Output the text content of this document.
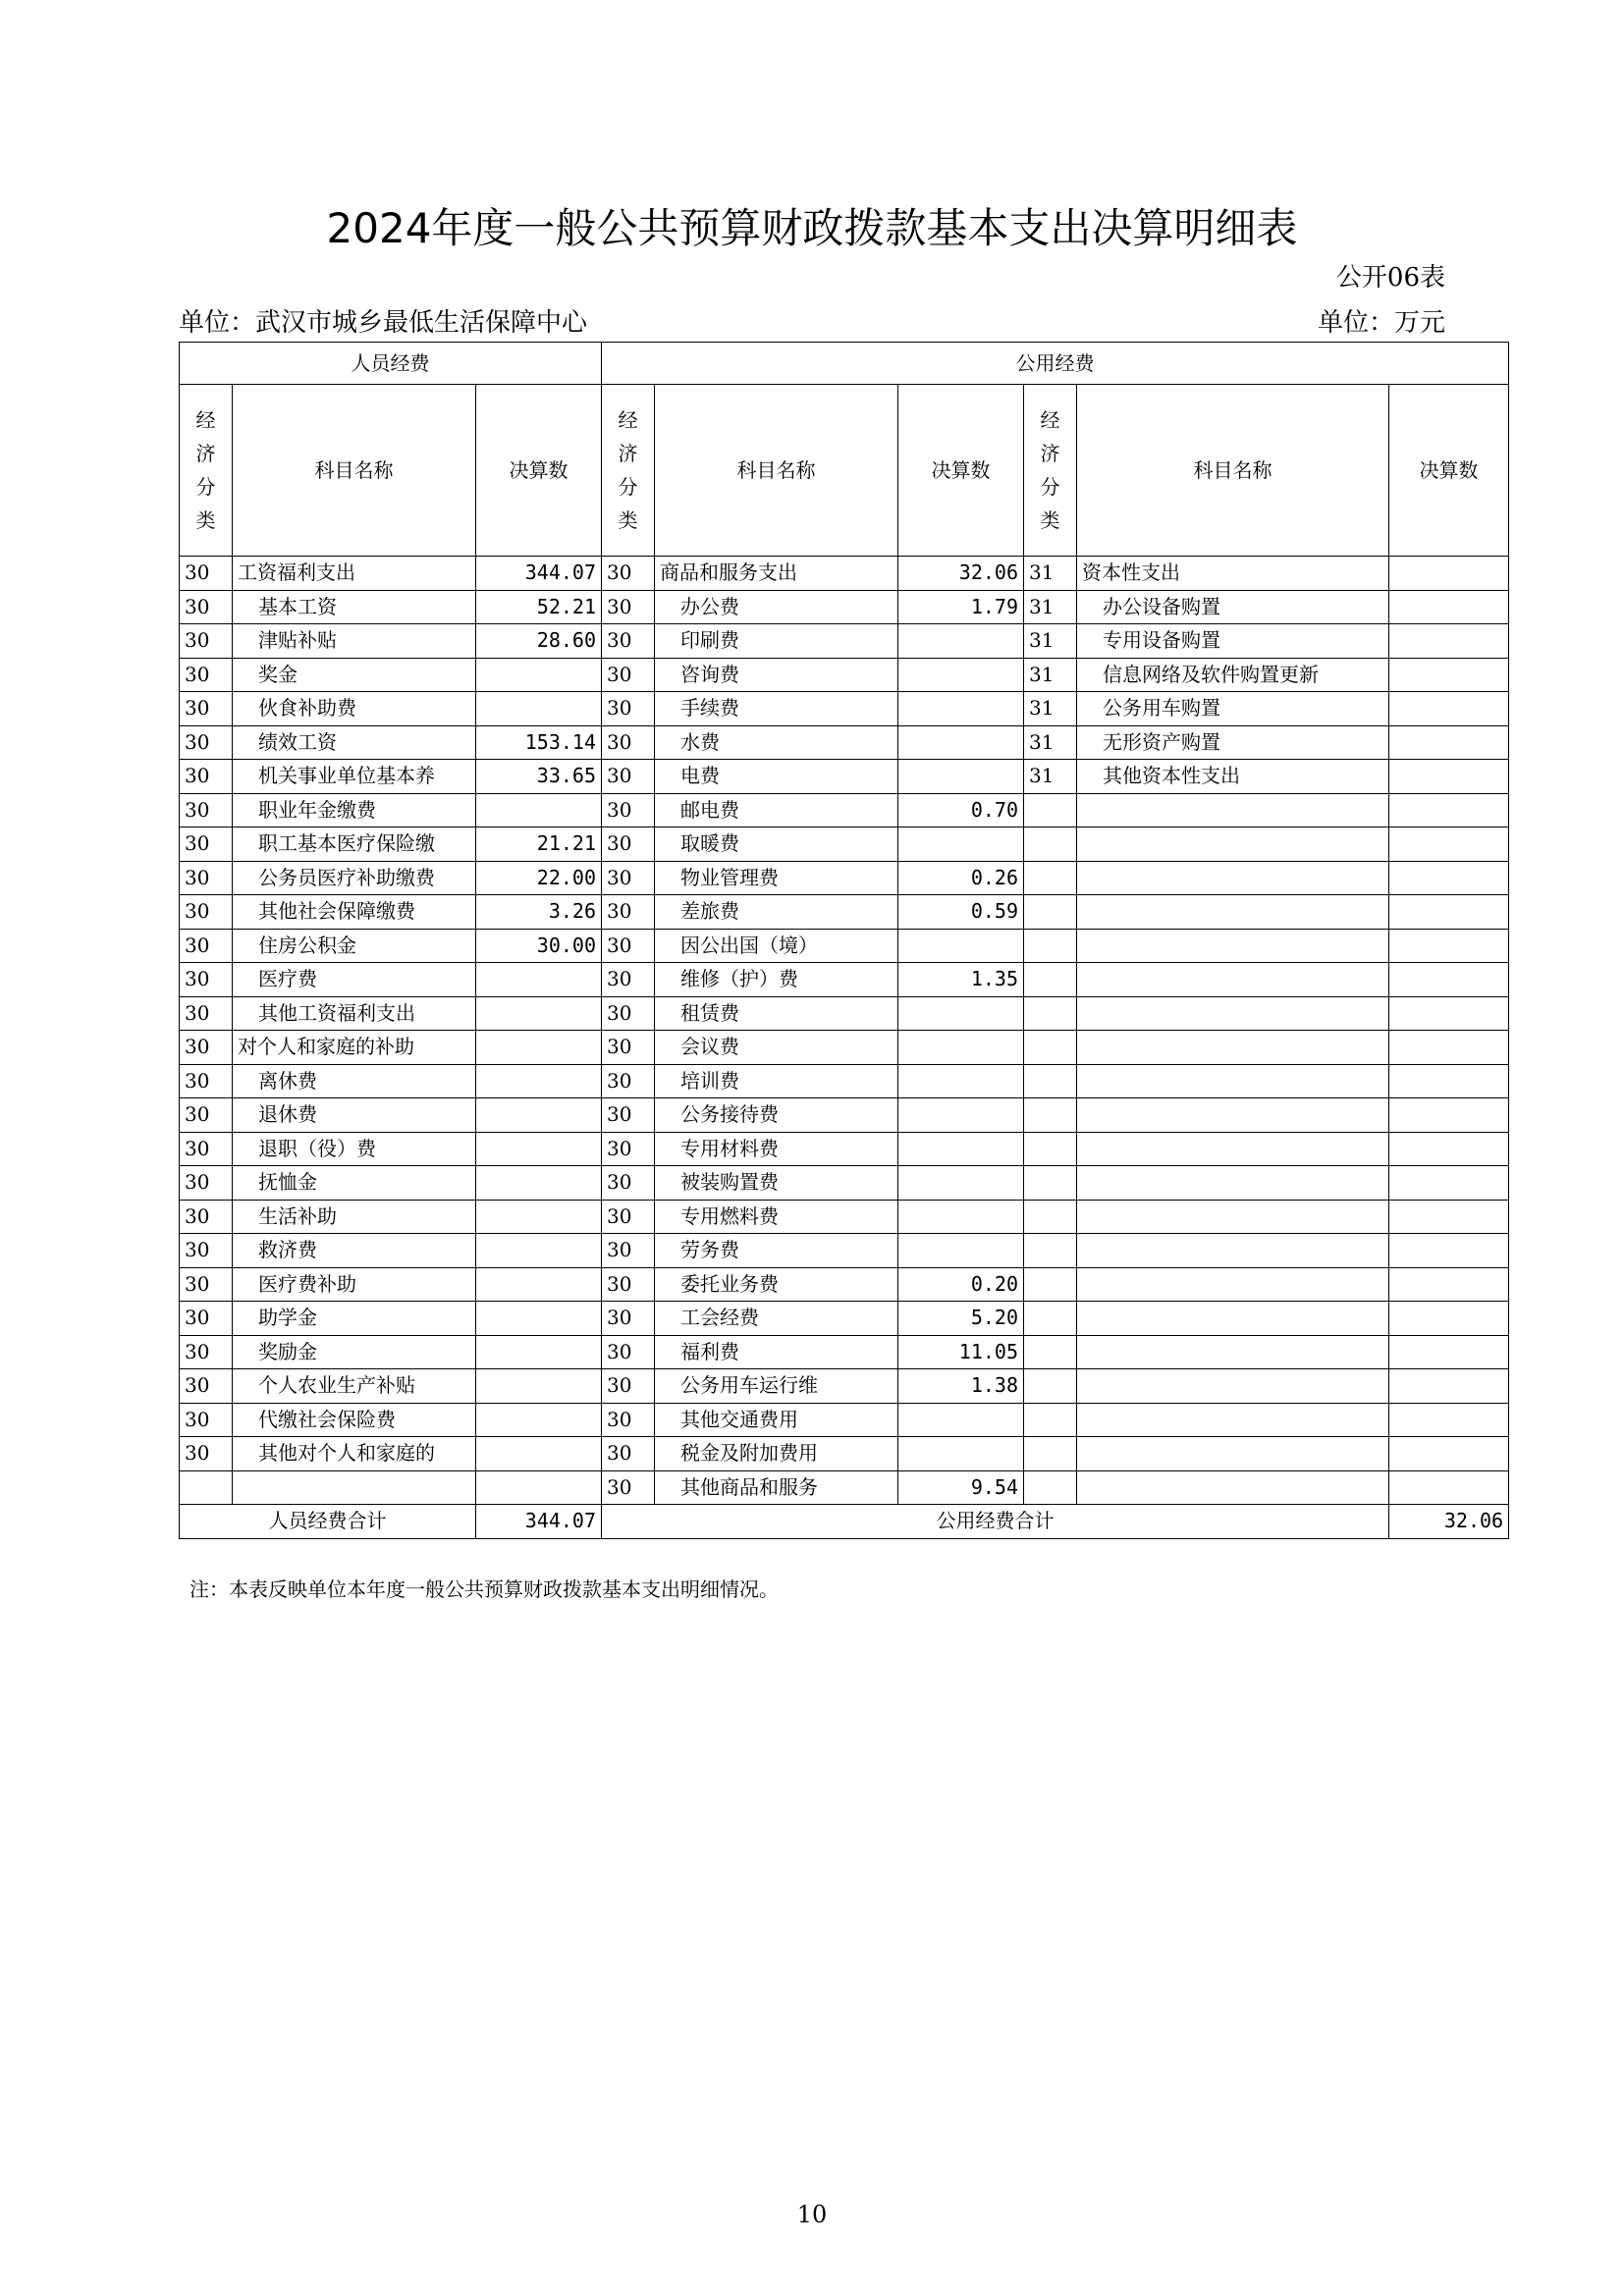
2024年度一般公共预算财政拨款基本支出决算明细表
公开06表
单位：武汉市城乡最低生活保障中心	单位：万元
人员经费			公用经费					

经
济
分
类	科目名称	决算数	经
济
分
类	科目名称	决算数	经
济
分
类	科目名称	决算数
30	工资福利支出	344.07	30	商品和服务支出	32.06	31	资本性支出	
30	基本工资	52.21	30	办公费	1.79	31	办公设备购置	
30	津贴补贴	28.60	30	印刷费		31	专用设备购置	
30	奖金		30	咨询费		31	信息网络及软件购置更新	
30	伙食补助费		30	手续费		31	公务用车购置	
30	绩效工资	153.14	30	水费		31	无形资产购置	
30	机关事业单位基本养	33.65	30	电费		31	其他资本性支出	
30	职业年金缴费		30	邮电费	0.70			
30	职工基本医疗保险缴	21.21	30	取暖费				
30	公务员医疗补助缴费	22.00	30	物业管理费	0.26			
30	其他社会保障缴费	3.26	30	差旅费	0.59			
30	住房公积金	30.00	30	因公出国（境）				
30	医疗费		30	维修（护）费	1.35			
30	其他工资福利支出		30	租赁费				
30	对个人和家庭的补助		30	会议费				
30	离休费		30	培训费				
30	退休费		30	公务接待费				
30	退职（役）费		30	专用材料费				
30	抚恤金		30	被装购置费				
30	生活补助		30	专用燃料费				
30	救济费		30	劳务费				
30	医疗费补助		30	委托业务费	0.20			
30	助学金		30	工会经费	5.20			
30	奖励金		30	福利费	11.05			
30	个人农业生产补贴		30	公务用车运行维	1.38			
30	代缴社会保险费		30	其他交通费用				
30	其他对个人和家庭的		30	税金及附加费用				
			30	其他商品和服务	9.54			
人员经费合计		344.07	公用经费合计					32.06
注：本表反映单位本年度一般公共预算财政拨款基本支出明细情况。
10
